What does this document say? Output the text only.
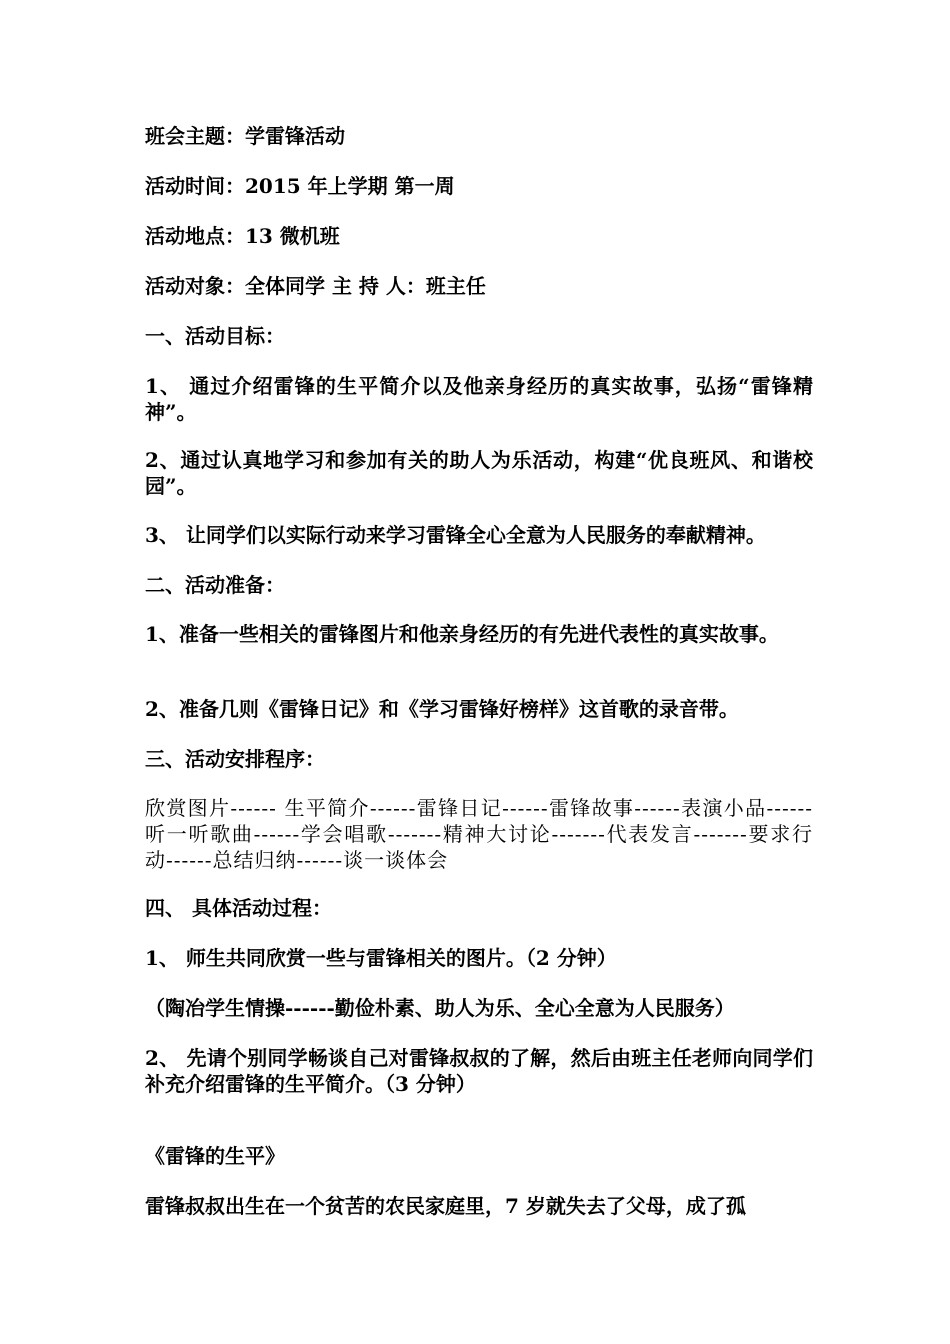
班会主题：学雷锋活动

活动时间：2015 年上学期 第一周

活动地点：13 微机班

活动对象：全体同学 主 持 人：班主任

一、活动目标：

1、 通过介绍雷锋的生平简介以及他亲身经历的真实故事，弘扬“雷锋精神”。

2、通过认真地学习和参加有关的助人为乐活动，构建“优良班风、和谐校园”。

3、 让同学们以实际行动来学习雷锋全心全意为人民服务的奉献精神。

二、活动准备：

1、准备一些相关的雷锋图片和他亲身经历的有先进代表性的真实故事。

2、准备几则《雷锋日记》和《学习雷锋好榜样》这首歌的录音带。

三、活动安排程序：

欣赏图片------ 生平简介------雷锋日记------雷锋故事------表演小品------听一听歌曲------学会唱歌-------精神大讨论-------代表发言-------要求行动------总结归纳------谈一谈体会

四、 具体活动过程：

1、 师生共同欣赏一些与雷锋相关的图片。（2 分钟）

（陶冶学生情操------勤俭朴素、助人为乐、全心全意为人民服务）

2、 先请个别同学畅谈自己对雷锋叔叔的了解，然后由班主任老师向同学们补充介绍雷锋的生平简介。（3 分钟）

《雷锋的生平》

雷锋叔叔出生在一个贫苦的农民家庭里，7 岁就失去了父母，成了孤
